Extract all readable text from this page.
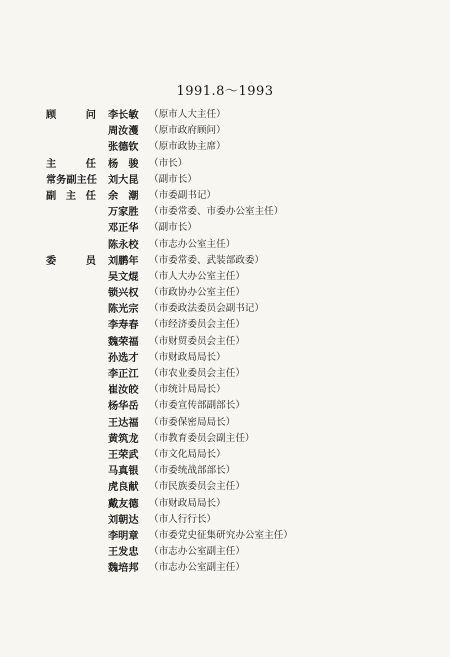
1991.8～1993
顾　　问 李长敏 （原市人大主任）
周汝濩 （原市政府顾问）
张德钦 （原市政协主席）
主　　任 杨　骏 （市长）
常务副主任 刘大昆 （副市长）
副 主 任 余　潮 （市委副书记）
万家胜 （市委常委、市委办公室主任）
邓正华 （副市长）
陈永校 （市志办公室主任）
委　　员 刘鹏年 （市委常委、武装部政委）
吴文焜 （市人大办公室主任）
锁兴权 （市政协办公室主任）
陈光宗 （市委政法委员会副书记）
李寿春 （市经济委员会主任）
魏荣福 （市财贸委员会主任）
孙选才 （市财政局局长）
李正江 （市农业委员会主任）
崔汝皎 （市统计局局长）
杨华岳 （市委宣传部副部长）
王达福 （市委保密局局长）
黄筑龙 （市教育委员会副主任）
王荣武 （市文化局局长）
马真银 （市委统战部部长）
虎良献 （市民族委员会主任）
戴友德 （市财政局局长）
刘朝达 （市人行行长）
李明章 （市委党史征集研究办公室主任）
王发忠 （市志办公室副主任）
魏培邦 （市志办公室副主任）
